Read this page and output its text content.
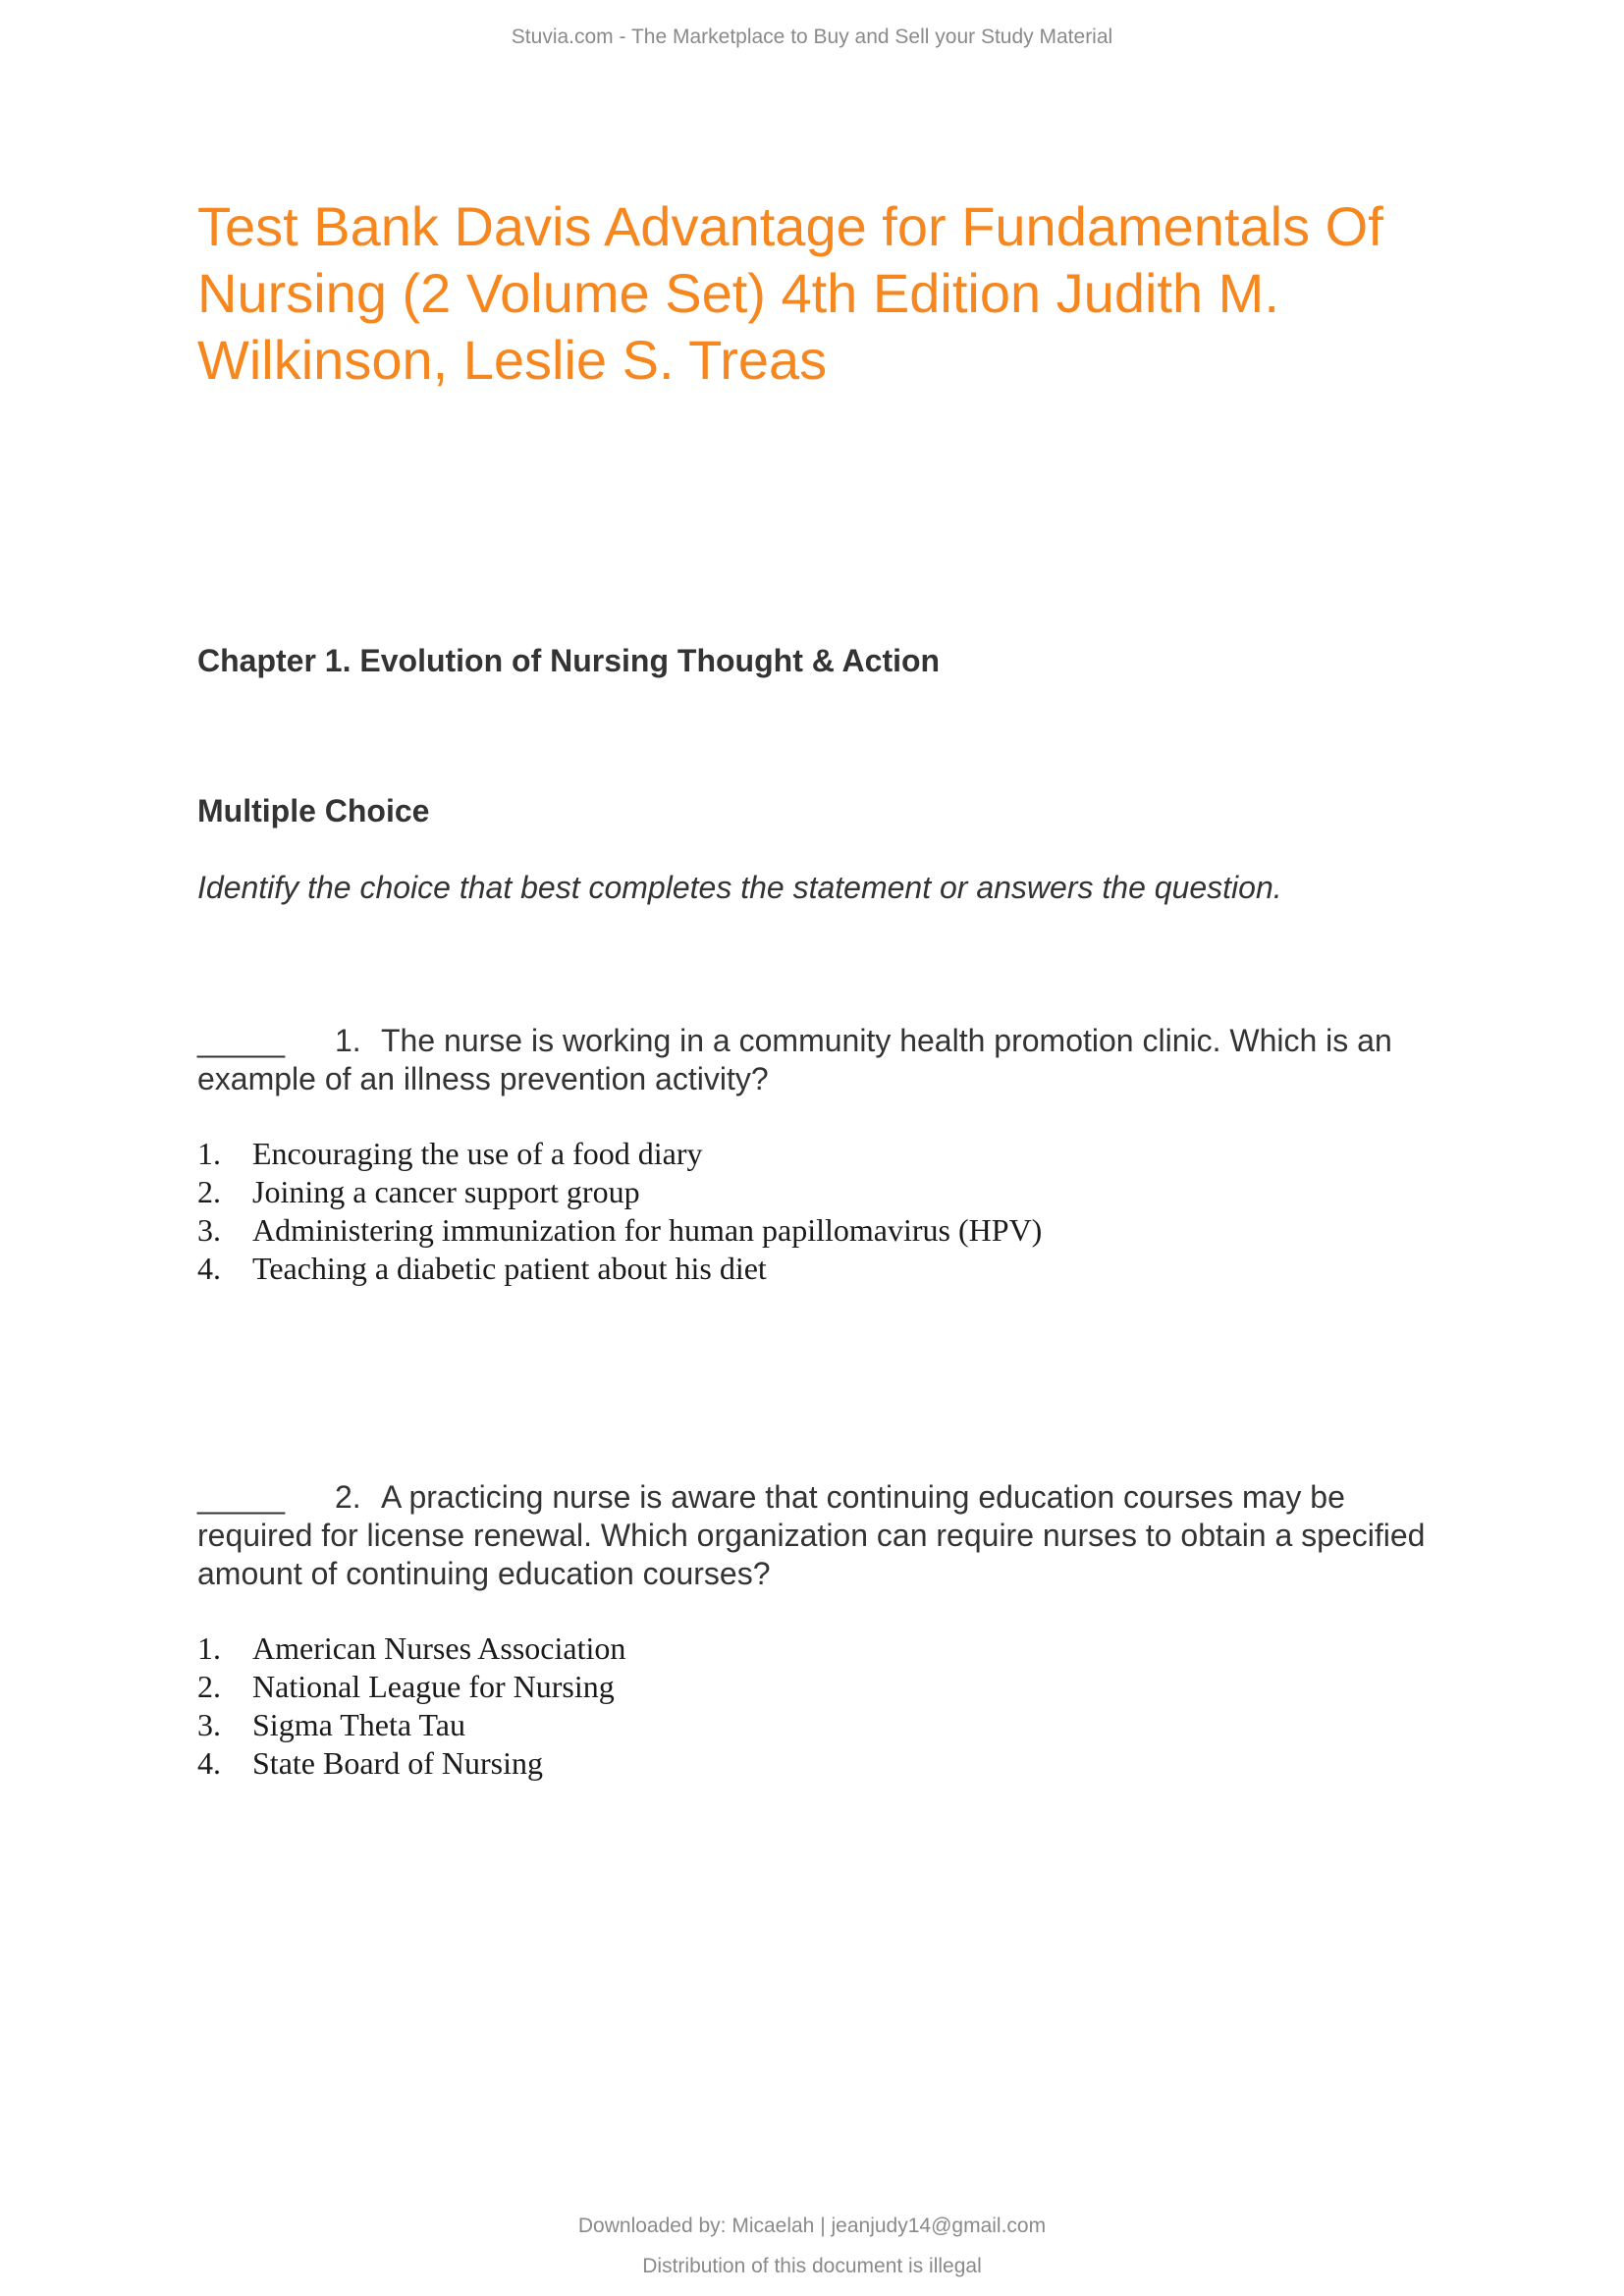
Stuvia.com - The Marketplace to Buy and Sell your Study Material
Test Bank Davis Advantage for Fundamentals Of Nursing (2 Volume Set) 4th Edition Judith M. Wilkinson, Leslie S. Treas
Chapter 1. Evolution of Nursing Thought & Action
Multiple Choice

Identify the choice that best completes the statement or answers the question.

_____ 1. The nurse is working in a community health promotion clinic. Which is an example of an illness prevention activity?

1.	Encouraging the use of a food diary
2.	Joining a cancer support group
3.	Administering immunization for human papillomavirus (HPV)
4.	Teaching a diabetic patient about his diet

_____ 2. A practicing nurse is aware that continuing education courses may be required for license renewal. Which organization can require nurses to obtain a specified amount of continuing education courses?

1.	American Nurses Association
2.	National League for Nursing
3.	Sigma Theta Tau
4.	State Board of Nursing
Downloaded by: Micaelah | jeanjudy14@gmail.com
Distribution of this document is illegal
